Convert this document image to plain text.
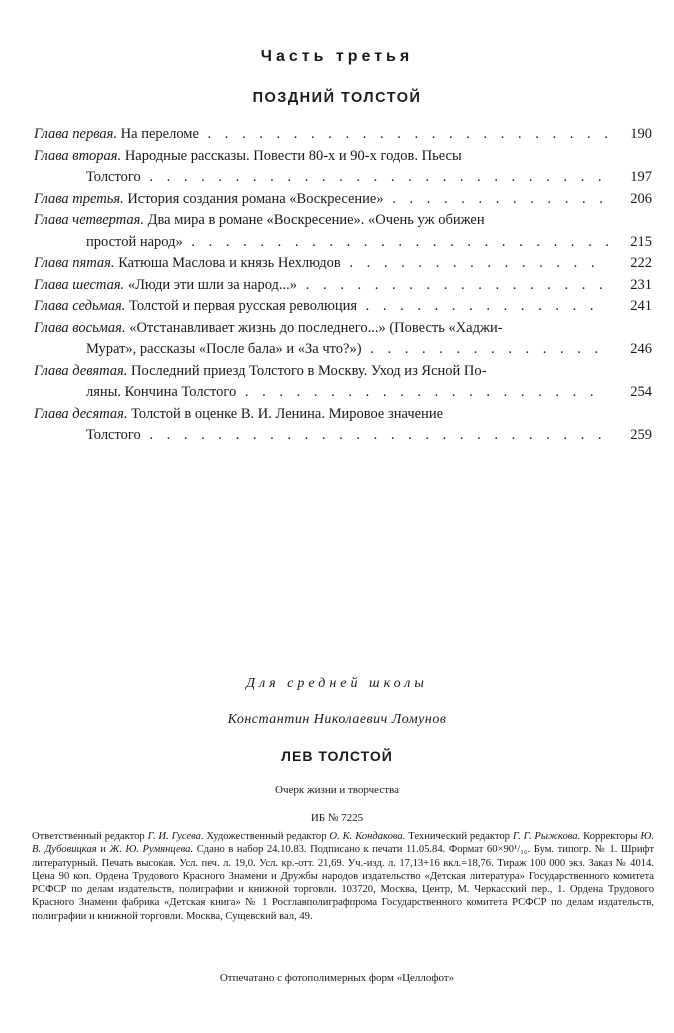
Часть третья
ПОЗДНИЙ ТОЛСТОЙ
Глава первая. На переломе . . .	190
Глава вторая. Народные рассказы. Повести 80-х и 90-х годов. Пьесы
Толстого . . .	197
Глава третья. История создания романа «Воскресение» . . .	206
Глава четвертая. Два мира в романе «Воскресение». «Очень уж обижен
простой народ» . . .	215
Глава пятая. Катюша Маслова и князь Нехлюдов . . .	222
Глава шестая. «Люди эти шли за народ...» . . .	231
Глава седьмая. Толстой и первая русская революция . . .	241
Глава восьмая. «Отстанавливает жизнь до последнего...» (Повесть «Хаджи-
Мурат», рассказы «После бала» и «За что?») . . .	246
Глава девятая. Последний приезд Толстого в Москву. Уход из Ясной По-
ляны. Кончина Толстого . . .	254
Глава десятая. Толстой в оценке В. И. Ленина. Мировое значение
Толстого . . .	259
Для средней школы
Константин Николаевич Ломунов
ЛЕВ ТОЛСТОЙ
Очерк жизни и творчества
ИБ № 7225
Ответственный редактор Г. И. Гусева. Художественный редактор О. К. Кондакова. Технический редактор Г. Г. Рыжкова. Корректоры Ю. В. Дубовицкая и Ж. Ю. Румянцева. Сдано в набор 24.10.83. Подписано к печати 11.05.84. Формат 60×90¹/₁₆. Бум. типогр. № 1. Шрифт литературный. Печать высокая. Усл. печ. л. 19,0. Усл. кр.-отт. 21,69. Уч.-изд. л. 17,13+16 вкл.=18,76. Тираж 100 000 экз. Заказ № 4014. Цена 90 коп. Ордена Трудового Красного Знамени и Дружбы народов издательство «Детская литература» Государственного комитета РСФСР по делам издательств, полиграфии и книжной торговли. 103720, Москва, Центр, М. Черкасский пер., 1. Ордена Трудового Красного Знамени фабрика «Детская книга» № 1 Росглавполиграфпрома Государственного комитета РСФСР по делам издательств, полиграфии и книжной торговли. Москва, Сущевский вал, 49.
Отпечатано с фотополимерных форм «Целлофот»
